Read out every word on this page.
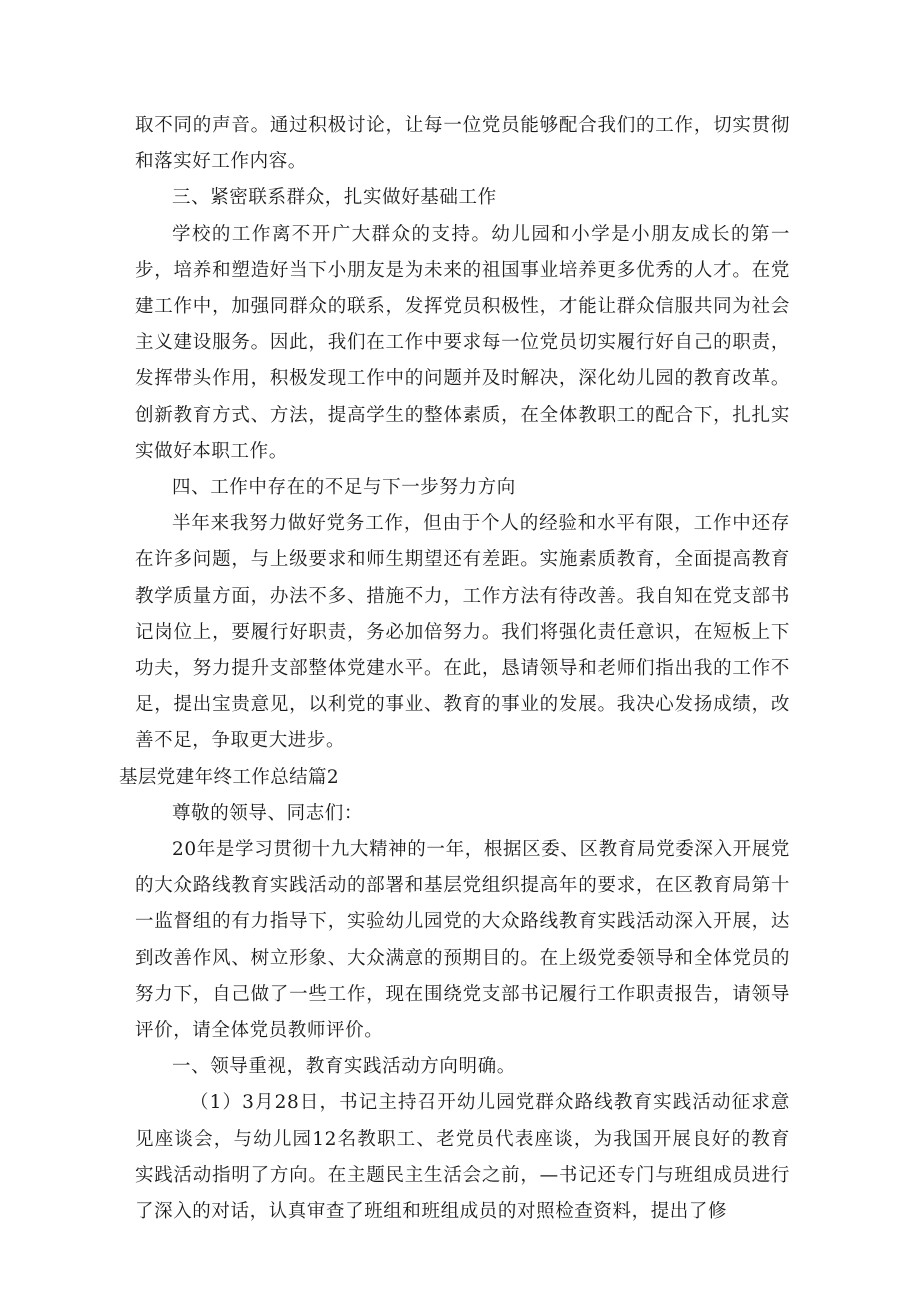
取不同的声音。通过积极讨论，让每一位党员能够配合我们的工作，切实贯彻和落实好工作内容。

三、紧密联系群众，扎实做好基础工作

学校的工作离不开广大群众的支持。幼儿园和小学是小朋友成长的第一步，培养和塑造好当下小朋友是为未来的祖国事业培养更多优秀的人才。在党建工作中，加强同群众的联系，发挥党员积极性，才能让群众信服共同为社会主义建设服务。因此，我们在工作中要求每一位党员切实履行好自己的职责，发挥带头作用，积极发现工作中的问题并及时解决，深化幼儿园的教育改革。创新教育方式、方法，提高学生的整体素质，在全体教职工的配合下，扎扎实实做好本职工作。

四、工作中存在的不足与下一步努力方向

半年来我努力做好党务工作，但由于个人的经验和水平有限，工作中还存在许多问题，与上级要求和师生期望还有差距。实施素质教育，全面提高教育教学质量方面，办法不多、措施不力，工作方法有待改善。我自知在党支部书记岗位上，要履行好职责，务必加倍努力。我们将强化责任意识，在短板上下功夫，努力提升支部整体党建水平。在此，恳请领导和老师们指出我的工作不足，提出宝贵意见，以利党的事业、教育的事业的发展。我决心发扬成绩，改善不足，争取更大进步。

基层党建年终工作总结篇2

尊敬的领导、同志们：

20年是学习贯彻十九大精神的一年，根据区委、区教育局党委深入开展党的大众路线教育实践活动的部署和基层党组织提高年的要求，在区教育局第十一监督组的有力指导下，实验幼儿园党的大众路线教育实践活动深入开展，达到改善作风、树立形象、大众满意的预期目的。在上级党委领导和全体党员的努力下，自己做了一些工作，现在围绕党支部书记履行工作职责报告，请领导评价，请全体党员教师评价。

一、领导重视，教育实践活动方向明确。

（1）3月28日，书记主持召开幼儿园党群众路线教育实践活动征求意见座谈会，与幼儿园12名教职工、老党员代表座谈，为我国开展良好的教育实践活动指明了方向。在主题民主生活会之前，—书记还专门与班组成员进行了深入的对话，认真审查了班组和班组成员的对照检查资料，提出了修
